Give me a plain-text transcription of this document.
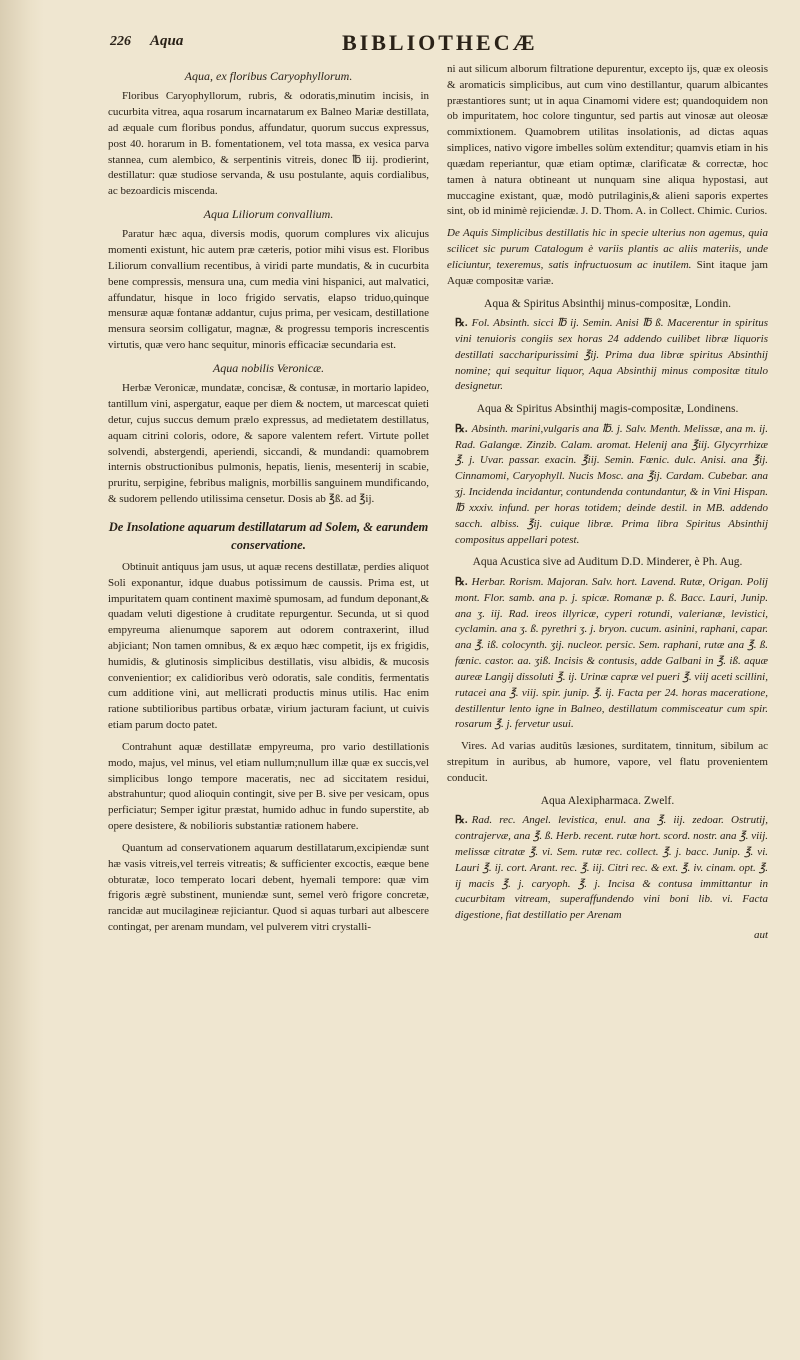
226 Aqua	BIBLIOTHECÆ
Aqua, ex floribus Caryophyllorum.

Floribus Caryophyllorum, rubris, & odoratis,minutim incisis, in cucurbita vitrea, aqua rosarum incarnatarum ex Balneo Mariæ destillata, ad æquale cum floribus pondus, affundatur, quorum succus expressus, post 40. horarum in B. fomentationem, vel tota massa, ex vesica parva stannea, cum alembico, & serpentinis vitreis, donec ℔ iij. prodierint, destillatur: quæ studiose servanda, & usu postulante, aquis cordialibus, ac bezoardicis miscenda.

Aqua Liliorum convallium.

Paratur hæc aqua, diversis modis, quorum complures vix alicujus momenti existunt, hic autem præ cæteris, potior mihi visus est. Floribus Liliorum convallium recentibus, à viridi parte mundatis, & in cucurbita bene compressis, mensura una, cum media vini hispanici, aut malvatici, affundatur, hisque in loco frigido servatis, elapso triduo,quinque mensuræ aquæ fontanæ addantur, cujus prima, per vesicam, destillatione mensura seorsim colligatur, magnæ, & progressu temporis increscentis virtutis, quæ vero hanc sequitur, minoris efficaciæ secundaria est.

Aqua nobilis Veronicæ.

Herbæ Veronicæ, mundatæ, concisæ, & contusæ, in mortario lapideo, tantillum vini, aspergatur, eaque per diem & noctem, ut marcescat quieti detur, cujus succus demum prælo expressus, ad medietatem destillatus, aquam citrini coloris, odore, & sapore valentem refert. Virtute pollet solvendi, abstergendi, aperiendi, siccandi, & mundandi: quamobrem internis obstructionibus pulmonis, hepatis, lienis, mesenterij in scabie, pruritu, serpigine, febribus malignis, morbillis sanguinem mundificando, & sudorem pellendo utilissima censetur. Dosis ab ℥ß. ad ℥ij.

De Insolatione aquarum destillatarum ad Solem, & earundem conservatione.

Obtinuit antiquus jam usus, ut aquæ recens destillatæ, perdies aliquot Soli exponantur, idque duabus potissimum de caussis. Prima est, ut impuritatem quam continent maximè spumosam, ad fundum deponant,& quadam veluti digestione à cruditate repurgentur. Secunda, ut si quod empyreuma alienumque saporem aut odorem contraxerint, illud abjiciant; Non tamen omnibus, & ex æquo hæc competit, ijs ex frigidis, humidis, & glutinosis simplicibus destillatis, visu albidis, & mucosis convenientior; ex calidioribus verò odoratis, sale conditis, fermentatis cum additione vini, aut mellicrati productis minus utilis. Hac enim ratione subtilioribus partibus orbatæ, virium jacturam faciunt, ut cuivis etiam parum docto patet.

Contrahunt aquæ destillatæ empyreuma, pro vario destillationis modo, majus, vel minus, vel etiam nullum;nullum illæ quæ ex succis,vel simplicibus longo tempore maceratis, nec ad siccitatem residui, abstrahuntur; quod alioquin contingit, sive per B. sive per vesicam, opus perficiatur; Semper igitur præstat, humido adhuc in fundo superstite, ab opere desistere, & nobilioris substantiæ rationem habere.

Quantum ad conservationem aquarum destillatarum,excipiendæ sunt hæ vasis vitreis,vel terreis vitreatis; & sufficienter excoctis, eæque bene obturatæ, loco temperato locari debent, hyemali tempore: quæ vim frigoris ægrè substinent, muniendæ sunt, semel verò frigore concretæ, rancidæ aut mucilagineæ rejiciantur. Quod si aquas turbari aut albescere contingat, per arenam mundam, vel pulverem vitri crystalli-

ni aut silicum alborum filtratione depurentur, excepto ijs, quæ ex oleosis & aromaticis simplicibus, aut cum vino destillantur, quarum albicantes præstantiores sunt; ut in aqua Cinamomi videre est; quandoquidem non ob impuritatem, hoc colore tinguntur, sed partis aut vinosæ aut oleosæ commixtionem. Quamobrem utilitas insolationis, ad dictas aquas simplices, nativo vigore imbelles solùm extenditur; quamvis etiam in his quædam reperiantur, quæ etiam optimæ, clarificatæ & correctæ, hoc tamen à natura obtineant ut nunquam sine aliqua hypostasi, aut muccagine existant, quæ, modò putrilaginis,& alieni saporis expertes sint, ob id minimè rejiciendæ. J. D. Thom. A. in Collect. Chimic. Curios.

De Aquis Simplicibus destillatis hic in specie ulterius non agemus, quia scilicet sic purum Catalogum è variis plantis ac aliis materiis, unde eliciuntur, texeremus, satis infructuosum ac inutilem. Sint itaque jam Aquæ compositæ variæ.

Aqua & Spiritus Absinthij minus-compositæ, Londin.

℞. Fol. Absinth. sicci ℔ ij. Semin. Anisi ℔ ß. Macerentur in spiritus vini tenuioris congiis sex horas 24 addendo cuilibet libræ liquoris destillati saccharipurissimi ℥ij. Prima dua libræ spiritus Absinthij nomine; qui sequitur liquor, Aqua Absinthij minus compositæ titulo designetur.

Aqua & Spiritus Absinthij magis-compositæ, Londinens.

℞. Absinth. marini,vulgaris ana ℔. j. Salv. Menth. Melissæ, ana m. ij. Rad. Galangæ. Zinzib. Calam. aromat. Helenij ana ℥iij. Glycyrrhizæ ℥. j. Uvar. passar. exacin. ℥iij. Semin. Fœnic. dulc. Anisi. ana ℥ij. Cinnamomi, Caryophyll. Nucis Mosc. ana ℥ij. Cardam. Cubebar. ana ʒj. Incidenda incidantur, contundenda contundantur, & in Vini Hispan. ℔ xxxiv. infund. per horas totidem; deinde destil. in MB. addendo sacch. albiss. ℥ij. cuique libræ. Prima libra Spiritus Absinthij compositus appellari potest.

Aqua Acustica sive ad Auditum D.D. Minderer, è Ph. Aug.

℞. Herbar. Rorism. Majoran. Salv. hort. Lavend. Rutæ, Origan. Polij mont. Flor. samb. ana p. j. spicæ. Romanæ p. ß. Bacc. Lauri, Junip. ana ʒ. iij. Rad. ireos illyricæ, cyperi rotundi, valerianæ, levistici, cyclamin. ana ʒ. ß. pyrethri ʒ. j. bryon. cucum. asinini, raphani, capar. ana ℥. iß. colocynth. ʒij. nucleor. persic. Sem. raphani, rutæ ana ℥. ß. fœnic. castor. aa. ʒiß. Incisis & contusis, adde Galbani in ℥. iß. aquæ aureæ Langij dissoluti ℥. ij. Urinæ capræ vel pueri ℥. viij aceti scillini, rutacei ana ℥. viij. spir. junip. ℥. ij. Facta per 24. horas maceratione, destillentur lento igne in Balneo, destillatum commisceatur cum spir. rosarum ℥. j. fervetur usui.

Vires. Ad varias auditûs læsiones, surditatem, tinnitum, sibilum ac strepitum in auribus, ab humore, vapore, vel flatu provenientem conducit.

Aqua Alexipharmaca. Zwelf.

℞. Rad. rec. Angel. levistica, enul. ana ℥. iij. zedoar. Ostrutij, contrajervæ, ana ℥. ß. Herb. recent. rutæ hort. scord. nostr. ana ℥. viij. melissæ citratæ ℥. vi. Sem. rutæ rec. collect. ℥. j. bacc. Junip. ℥. vi. Lauri ℥. ij. cort. Arant. rec. ℥. iij. Citri rec. & ext. ℥. iv. cinam. opt. ℥. ij macis ℥. j. caryoph. ℥. j. Incisa & contusa immittantur in cucurbitam vitream, superaffundendo vini boni lib. vi. Facta digestione, fiat destillatio per Arenam

aut
